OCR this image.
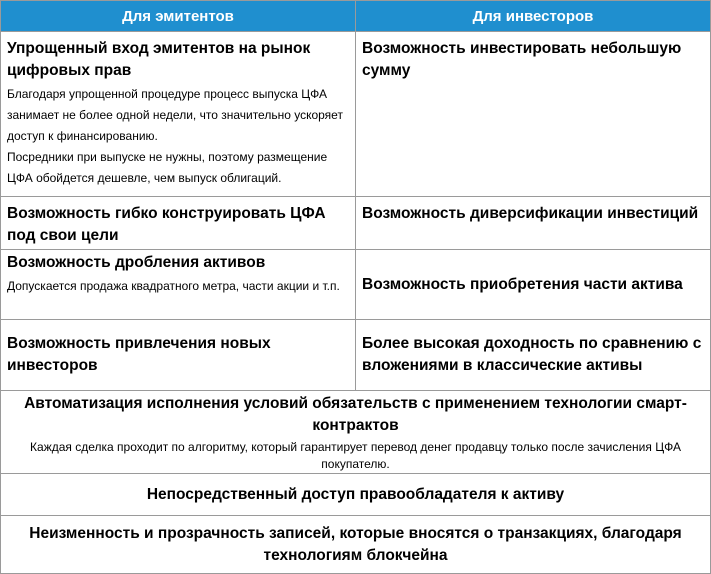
Для эмитентов	Для инвесторов

Упрощенный вход эмитентов на рынок цифровых прав
Благодаря упрощенной процедуре процесс выпуска ЦФА занимает не более одной недели, что значительно ускоряет доступ к финансированию.
Посредники при выпуске не нужны, поэтому размещение ЦФА обойдется дешевле, чем выпуск облигаций.	Возможность инвестировать небольшую сумму

Возможность гибко конструировать ЦФА под свои цели	Возможность диверсификации инвестиций

Возможность дробления активов
Допускается продажа квадратного метра, части акции и т.п.	Возможность приобретения части актива

Возможность привлечения новых инвесторов	Более высокая доходность по сравнению с вложениями в классические активы

Автоматизация исполнения условий обязательств с применением технологии смарт-контрактов
Каждая сделка проходит по алгоритму, который гарантирует перевод денег продавцу только после зачисления ЦФА покупателю.	

Непосредственный доступ правообладателя к активу	

Неизменность и прозрачность записей, которые вносятся о транзакциях, благодаря технологиям блокчейна	
